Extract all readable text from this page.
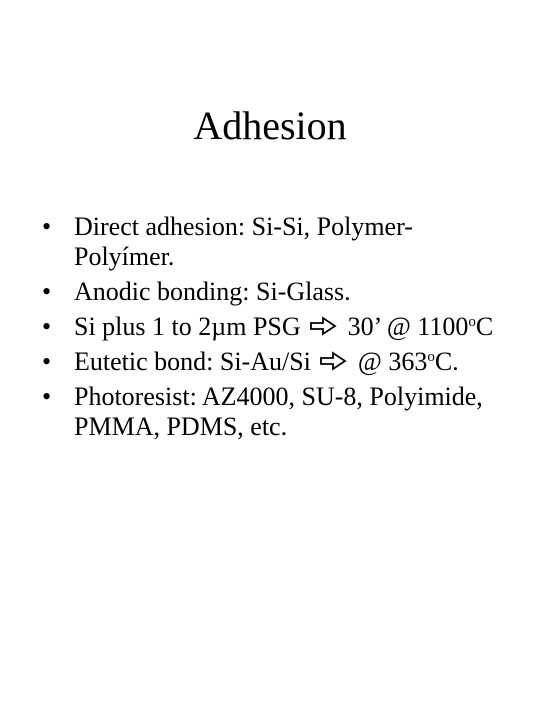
Adhesion
• Direct adhesion: Si-Si, Polymer-Polyímer.
• Anodic bonding: Si-Glass.
• Si plus 1 to 2µm PSG 30’ @ 1100$^o$C
• Eutetic bond: Si-Au/Si @ 363$^o$C.
• Photoresist: AZ4000, SU-8, Polyimide, PMMA, PDMS, etc.
